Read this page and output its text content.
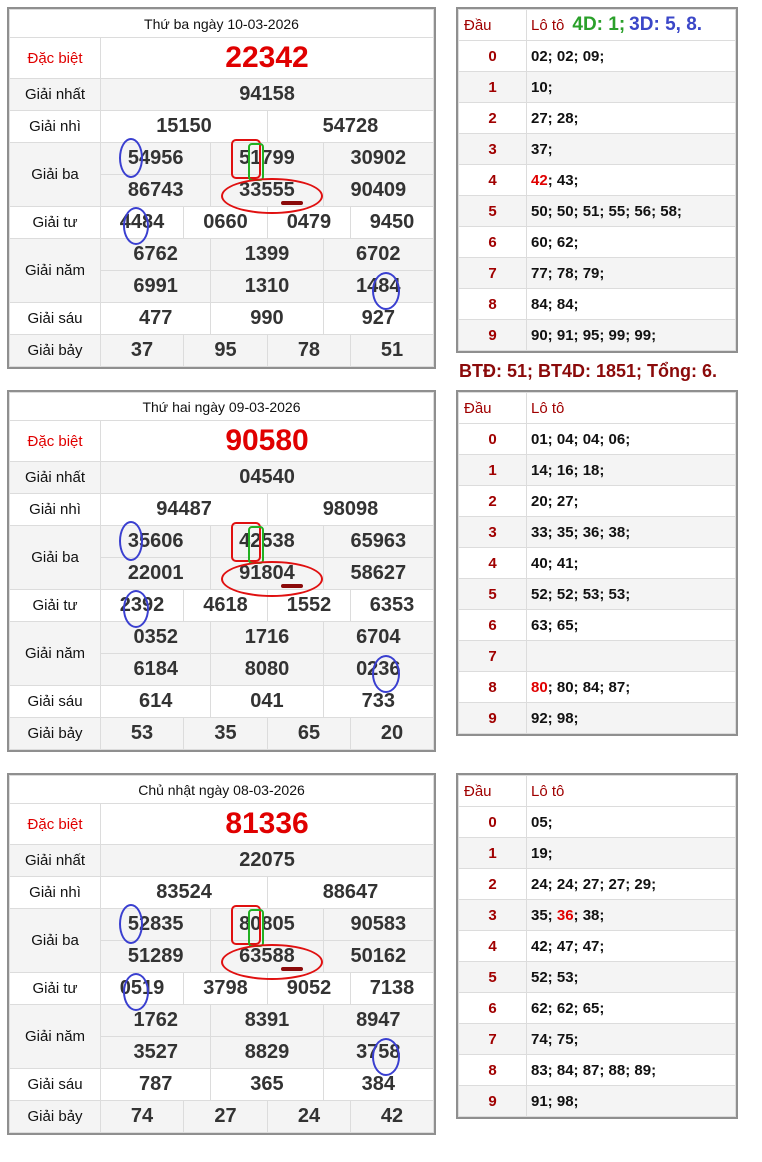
Thứ ba ngày 10-03-2026						
Đặc biệt	22342					
Giải nhất	94158					
Giải nhì	15150			54728		
Giải ba	54956		51799		30902	
	86743		33555		90409	
Giải tư	4484	0660		0479		9450
Giải năm	6762		1399		6702	
	6991		1310		1484	
Giải sáu	477		990		927	
Giải bảy	37	95		78		51
Đầu	Lô tô 4D: 1; 3D: 5, 8.
0	02; 02; 09;
1	10;
2	27; 28;
3	37;
4	42; 43;
5	50; 50; 51; 55; 56; 58;
6	60; 62;
7	77; 78; 79;
8	84; 84;
9	90; 91; 95; 99; 99;
Thứ hai ngày 09-03-2026						
Đặc biệt	90580					
Giải nhất	04540					
Giải nhì	94487			98098		
Giải ba	35606		42538		65963	
	22001		91804		58627	
Giải tư	2392	4618		1552		6353
Giải năm	0352		1716		6704	
	6184		8080		0236	
Giải sáu	614		041		733	
Giải bảy	53	35		65		20
Đầu	Lô tô
0	01; 04; 04; 06;
1	14; 16; 18;
2	20; 27;
3	33; 35; 36; 38;
4	40; 41;
5	52; 52; 53; 53;
6	63; 65;
7	
8	80; 80; 84; 87;
9	92; 98;
Chủ nhật ngày 08-03-2026						
Đặc biệt	81336					
Giải nhất	22075					
Giải nhì	83524			88647		
Giải ba	52835		80805		90583	
	51289		63588		50162	
Giải tư	0519	3798		9052		7138
Giải năm	1762		8391		8947	
	3527		8829		3758	
Giải sáu	787		365		384	
Giải bảy	74	27		24		42
Đầu	Lô tô
0	05;
1	19;
2	24; 24; 27; 27; 29;
3	35; 36; 38;
4	42; 47; 47;
5	52; 53;
6	62; 62; 65;
7	74; 75;
8	83; 84; 87; 88; 89;
9	91; 98;
BTĐ: 51; BT4D: 1851; Tổng: 6.
